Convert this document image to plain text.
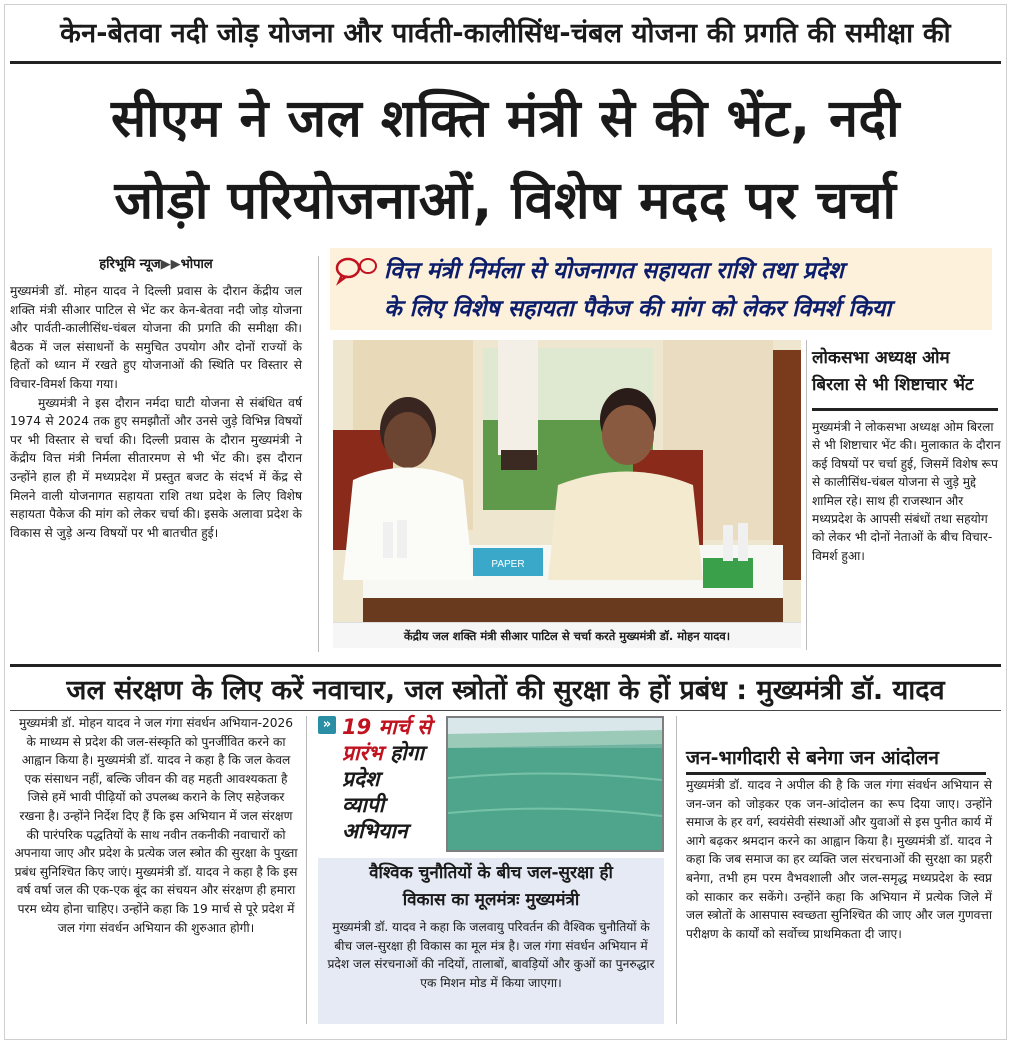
केन-बेतवा नदी जोड़ योजना और पार्वती-कालीसिंध-चंबल योजना की प्रगति की समीक्षा की
सीएम ने जल शक्ति मंत्री से की भेंट, नदी
जोड़ो परियोजनाओं, विशेष मदद पर चर्चा
हरिभूमि न्यूज▶▶भोपाल

मुख्यमंत्री डॉ. मोहन यादव ने दिल्ली प्रवास के दौरान केंद्रीय जल शक्ति मंत्री सीआर पाटिल से भेंट कर केन-बेतवा नदी जोड़ योजना और पार्वती-कालीसिंध-चंबल योजना की प्रगति की समीक्षा की। बैठक में जल संसाधनों के समुचित उपयोग और दोनों राज्यों के हितों को ध्यान में रखते हुए योजनाओं की स्थिति पर विस्तार से विचार-विमर्श किया गया।

मुख्यमंत्री ने इस दौरान नर्मदा घाटी योजना से संबंधित वर्ष 1974 से 2024 तक हुए समझौतों और उनसे जुड़े विभिन्न विषयों पर भी विस्तार से चर्चा की। दिल्ली प्रवास के दौरान मुख्यमंत्री ने केंद्रीय वित्त मंत्री निर्मला सीतारमण से भी भेंट की। इस दौरान उन्होंने हाल ही में मध्यप्रदेश में प्रस्तुत बजट के संदर्भ में केंद्र से मिलने वाली योजनागत सहायता राशि तथा प्रदेश के लिए विशेष सहायता पैकेज की मांग को लेकर चर्चा की। इसके अलावा प्रदेश के विकास से जुड़े अन्य विषयों पर भी बातचीत हुई।

वित्त मंत्री निर्मला से योजनागत सहायता राशि तथा प्रदेश
के लिए विशेष सहायता पैकेज की मांग को लेकर विमर्श किया
PAPER
केंद्रीय जल शक्ति मंत्री सीआर पाटिल से चर्चा करते मुख्यमंत्री डॉ. मोहन यादव।
लोकसभा अध्यक्ष ओम
बिरला से भी शिष्टाचार भेंट

मुख्यमंत्री ने लोकसभा अध्यक्ष ओम बिरला से भी शिष्टाचार भेंट की। मुलाकात के दौरान कई विषयों पर चर्चा हुई, जिसमें विशेष रूप से कालीसिंध-चंबल योजना से जुड़े मुद्दे शामिल रहे। साथ ही राजस्थान और मध्यप्रदेश के आपसी संबंधों तथा सहयोग को लेकर भी दोनों नेताओं के बीच विचार-विमर्श हुआ।

जल संरक्षण के लिए करें नवाचार, जल स्त्रोतों की सुरक्षा के हों प्रबंध : मुख्यमंत्री डॉ. यादव

मुख्यमंत्री डॉ. मोहन यादव ने जल गंगा संवर्धन अभियान-2026 के माध्यम से प्रदेश की जल-संस्कृति को पुनर्जीवित करने का आह्वान किया है। मुख्यमंत्री डॉ. यादव ने कहा है कि जल केवल एक संसाधन नहीं, बल्कि जीवन की वह महती आवश्यकता है जिसे हमें भावी पीढ़ियों को उपलब्ध कराने के लिए सहेजकर रखना है। उन्होंने निर्देश दिए हैं कि इस अभियान में जल संरक्षण की पारंपरिक पद्धतियों के साथ नवीन तकनीकी नवाचारों को अपनाया जाए और प्रदेश के प्रत्येक जल स्त्रोत की सुरक्षा के पुख्ता प्रबंध सुनिश्चित किए जाएं। मुख्यमंत्री डॉ. यादव ने कहा है कि इस वर्ष वर्षा जल की एक-एक बूंद का संचयन और संरक्षण ही हमारा परम ध्येय होना चाहिए। उन्होंने कहा कि 19 मार्च से पूरे प्रदेश में जल गंगा संवर्धन अभियान की शुरुआत होगी।

» 19 मार्च से
प्रारंभ होगा
प्रदेश
व्यापी
अभियान
वैश्विक चुनौतियों के बीच जल-सुरक्षा ही
विकास का मूलमंत्रः मुख्यमंत्री

मुख्यमंत्री डॉ. यादव ने कहा कि जलवायु परिवर्तन की वैश्विक चुनौतियों के बीच जल-सुरक्षा ही विकास का मूल मंत्र है। जल गंगा संवर्धन अभियान में प्रदेश जल संरचनाओं की नदियों, तालाबों, बावड़ियों और कुओं का पुनरुद्धार एक मिशन मोड में किया जाएगा।

जन-भागीदारी से बनेगा जन आंदोलन

मुख्यमंत्री डॉ. यादव ने अपील की है कि जल गंगा संवर्धन अभियान से जन-जन को जोड़कर एक जन-आंदोलन का रूप दिया जाए। उन्होंने समाज के हर वर्ग, स्वयंसेवी संस्थाओं और युवाओं से इस पुनीत कार्य में आगे बढ़कर श्रमदान करने का आह्वान किया है। मुख्यमंत्री डॉ. यादव ने कहा कि जब समाज का हर व्यक्ति जल संरचनाओं की सुरक्षा का प्रहरी बनेगा, तभी हम परम वैभवशाली और जल-समृद्ध मध्यप्रदेश के स्वप्न को साकार कर सकेंगे। उन्होंने कहा कि अभियान में प्रत्येक जिले में जल स्त्रोतों के आसपास स्वच्छता सुनिश्चित की जाए और जल गुणवत्ता परीक्षण के कार्यों को सर्वोच्च प्राथमिकता दी जाए।
